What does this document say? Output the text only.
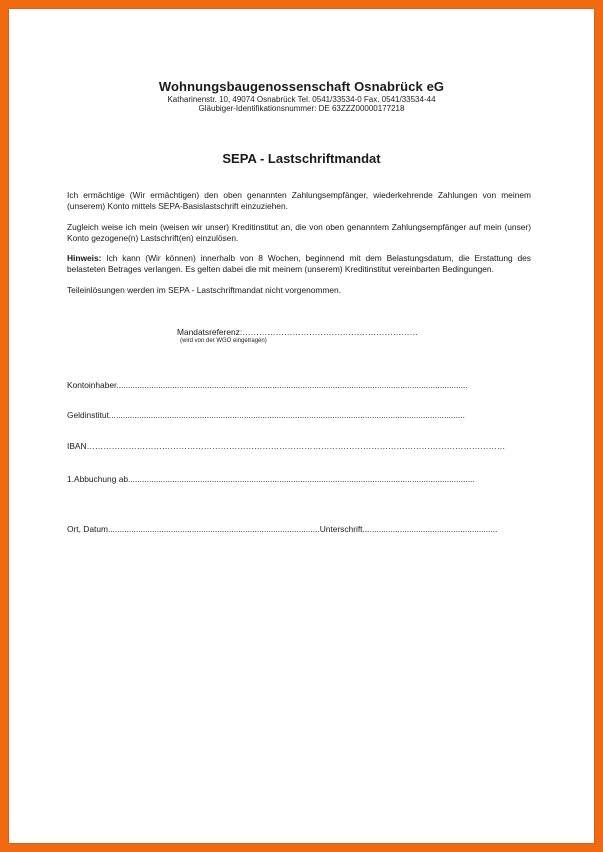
Wohnungsbaugenossenschaft Osnabrück eG
Katharinenstr. 10, 49074 Osnabrück Tel. 0541/33534-0 Fax. 0541/33534-44
Gläubiger-Identifikationsnummer: DE 63ZZZ00000177218
SEPA - Lastschriftmandat
Ich ermächtige (Wir ermächtigen) den oben genannten Zahlungsempfänger, wiederkehrende Zahlungen von meinem (unserem) Konto mittels SEPA-Basislastschrift einzuziehen.
Zugleich weise ich mein (weisen wir unser) Kreditinstitut an, die von oben genanntem Zahlungsempfänger auf mein (unser) Konto gezogene(n) Lastschrift(en) einzulösen.
Hinweis: Ich kann (Wir können) innerhalb von 8 Wochen, beginnend mit dem Belastungsdatum, die Erstattung des belasteten Betrages verlangen. Es gelten dabei die mit meinem (unserem) Kreditinstitut vereinbarten Bedingungen.
Teileinlösungen werden im SEPA - Lastschriftmandat nicht vorgenommen.
Mandatsreferenz:………………………………………………………
(wird von der WGO eingetragen)
Kontoinhaber.......................................................................................................................................................
Geldinstitut.........................................................................................................................................................
IBAN……………………………………………………………………………………………………………………………………
1.Abbuchung ab.....................................................................................................................................................
Ort, Datum...........................................................................................Unterschrift..........................................................
